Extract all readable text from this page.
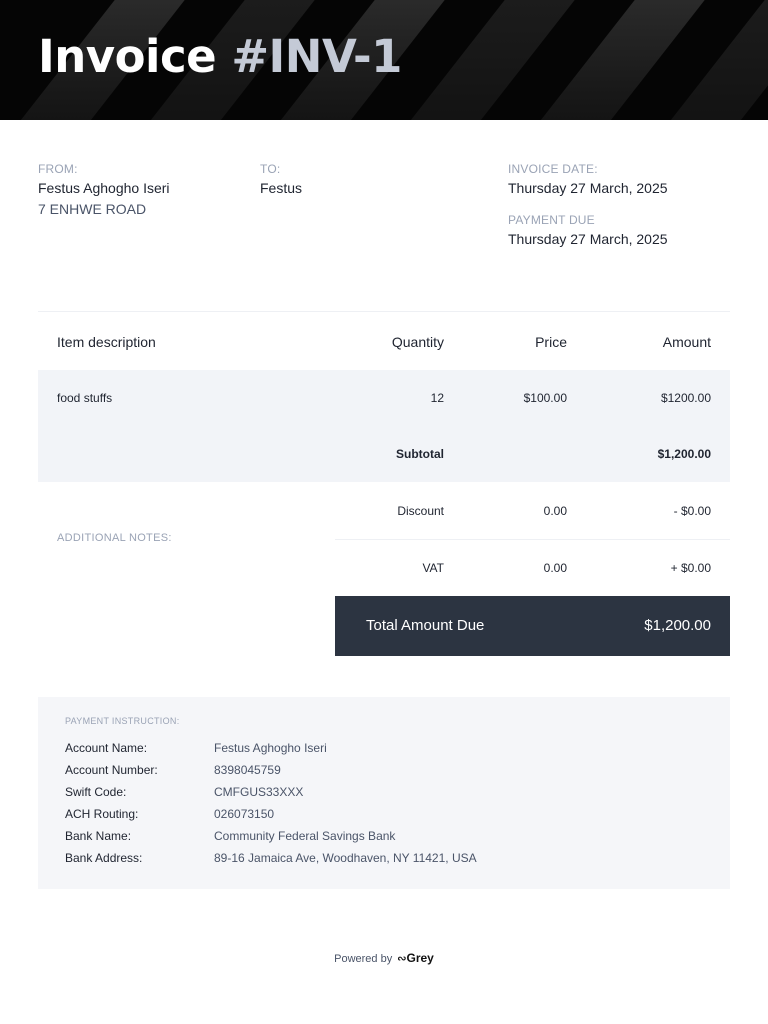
Invoice #INV-1
FROM:
Festus Aghogho Iseri
7 ENHWE ROAD
TO:
Festus
INVOICE DATE:
Thursday 27 March, 2025
PAYMENT DUE
Thursday 27 March, 2025
Item description	Quantity	Price	Amount
food stuffs	12	$100.00	$1200.00
Subtotal	$1,200.00
Discount	0.00	- $0.00
ADDITIONAL NOTES:
VAT	0.00	+ $0.00
Total Amount Due	$1,200.00
PAYMENT INSTRUCTION:
Account Name:	Festus Aghogho Iseri
Account Number:	8398045759
Swift Code:	CMFGUS33XXX
ACH Routing:	026073150
Bank Name:	Community Federal Savings Bank
Bank Address:	89-16 Jamaica Ave, Woodhaven, NY 11421, USA
Powered by ∾Grey
